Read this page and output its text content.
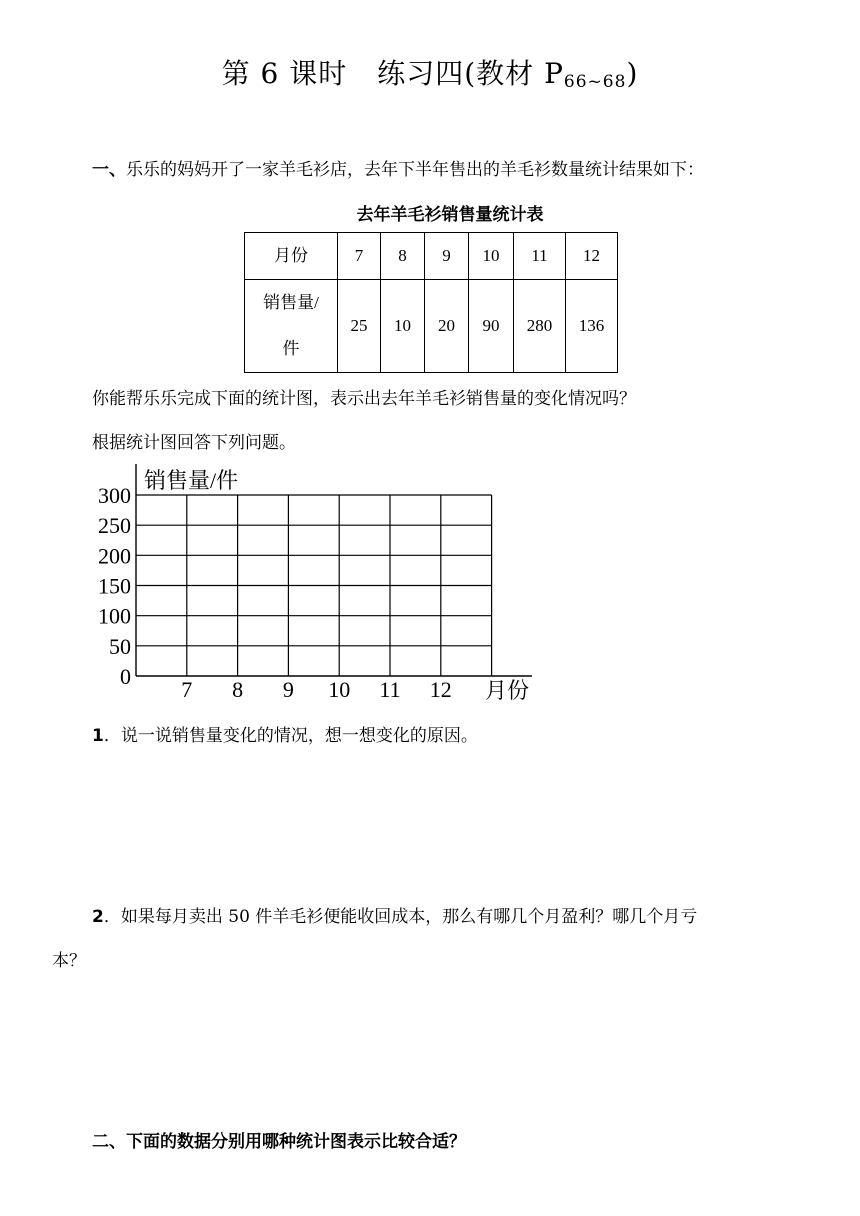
第 6 课时 练习四(教材 $P_{66\sim 68}$)
一、乐乐的妈妈开了一家羊毛衫店，去年下半年售出的羊毛衫数量统计结果如下：
去年羊毛衫销售量统计表
月份	7	8	9	10	11	12
销售量/
件	25	10	20	90	280	136
你能帮乐乐完成下面的统计图，表示出去年羊毛衫销售量的变化情况吗？
根据统计图回答下列问题。
0
50
100
150
200
250
300
7 8 9 10 11 12
销售量/件
月份
1．说一说销售量变化的情况，想一想变化的原因。
2．如果每月卖出 50 件羊毛衫便能收回成本，那么有哪几个月盈利？哪几个月亏
本？
二、下面的数据分别用哪种统计图表示比较合适？
